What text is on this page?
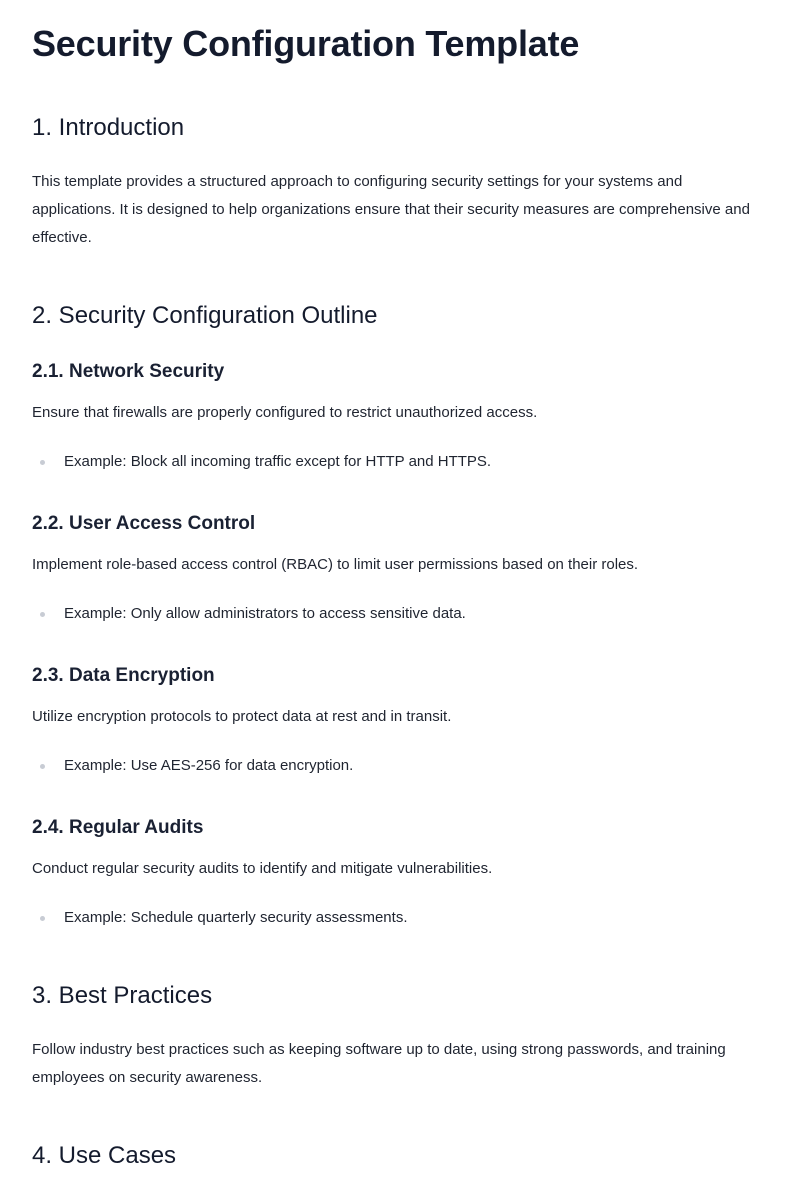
Security Configuration Template
1. Introduction

This template provides a structured approach to configuring security settings for your systems and applications. It is designed to help organizations ensure that their security measures are comprehensive and effective.

2. Security Configuration Outline
2.1. Network Security

Ensure that firewalls are properly configured to restrict unauthorized access.

Example: Block all incoming traffic except for HTTP and HTTPS.
2.2. User Access Control

Implement role-based access control (RBAC) to limit user permissions based on their roles.

Example: Only allow administrators to access sensitive data.
2.3. Data Encryption

Utilize encryption protocols to protect data at rest and in transit.

Example: Use AES-256 for data encryption.
2.4. Regular Audits

Conduct regular security audits to identify and mitigate vulnerabilities.

Example: Schedule quarterly security assessments.
3. Best Practices

Follow industry best practices such as keeping software up to date, using strong passwords, and training employees on security awareness.

4. Use Cases
